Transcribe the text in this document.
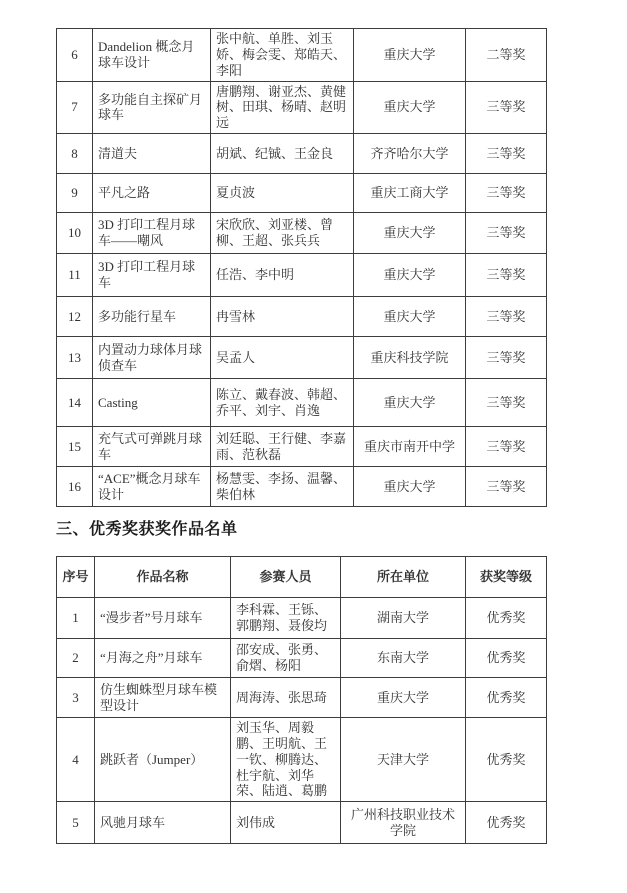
6	Dandelion 概念月球车设计	张中航、单胜、刘玉娇、梅会雯、郑皓天、李阳	重庆大学	二等奖
7	多功能自主探矿月球车	唐鹏翔、谢亚杰、黄健树、田琪、杨晴、赵明远	重庆大学	三等奖
8	清道夫	胡斌、纪铖、王金良	齐齐哈尔大学	三等奖
9	平凡之路	夏贞波	重庆工商大学	三等奖
10	3D 打印工程月球车——嘲风	宋欣欣、刘亚楼、曾柳、王超、张兵兵	重庆大学	三等奖
11	3D 打印工程月球车	任浩、李中明	重庆大学	三等奖
12	多功能行星车	冉雪林	重庆大学	三等奖
13	内置动力球体月球侦查车	吴孟人	重庆科技学院	三等奖
14	Casting	陈立、戴春波、韩超、乔平、刘宇、肖逸	重庆大学	三等奖
15	充气式可弹跳月球车	刘廷聪、王行健、李嘉雨、范秋磊	重庆市南开中学	三等奖
16	“ACE”概念月球车设计	杨慧雯、李扬、温馨、柴伯林	重庆大学	三等奖
三、优秀奖获奖作品名单
序号	作品名称	参赛人员	所在单位	获奖等级
1	“漫步者”号月球车	李科霖、王铄、郭鹏翔、聂俊均	湖南大学	优秀奖
2	“月海之舟”月球车	邵安成、张勇、俞熠、杨阳	东南大学	优秀奖
3	仿生蜘蛛型月球车模型设计	周海涛、张思琦	重庆大学	优秀奖
4	跳跃者（Jumper）	刘玉华、周毅鹏、王明航、王一钦、柳腾达、杜宇航、刘华荣、陆逍、葛鹏	天津大学	优秀奖
5	风驰月球车	刘伟成	广州科技职业技术学院	优秀奖
